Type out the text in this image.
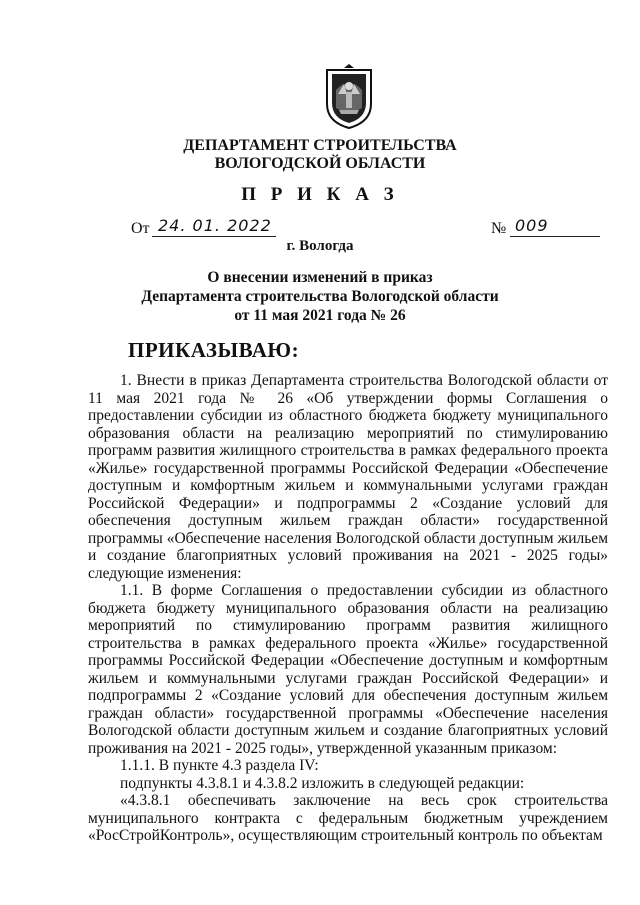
ДЕПАРТАМЕНТ СТРОИТЕЛЬСТВА
ВОЛОГОДСКОЙ ОБЛАСТИ
П Р И К А З
От 24. 01. 2022	№ 009
г. Вологда
О внесении изменений в приказ
Департамента строительства Вологодской области
от 11 мая 2021 года № 26
ПРИКАЗЫВАЮ:

1. Внести в приказ Департамента строительства Вологодской области от 11 мая 2021 года № 26 «Об утверждении формы Соглашения о предоставлении субсидии из областного бюджета бюджету муниципального образования области на реализацию мероприятий по стимулированию программ развития жилищного строительства в рамках федерального проекта «Жилье» государственной программы Российской Федерации «Обеспечение доступным и комфортным жильем и коммунальными услугами граждан Российской Федерации» и подпрограммы 2 «Создание условий для обеспечения доступным жильем граждан области» государственной программы «Обеспечение населения Вологодской области доступным жильем и создание благоприятных условий проживания на 2021 - 2025 годы» следующие изменения:

1.1. В форме Соглашения о предоставлении субсидии из областного бюджета бюджету муниципального образования области на реализацию мероприятий по стимулированию программ развития жилищного строительства в рамках федерального проекта «Жилье» государственной программы Российской Федерации «Обеспечение доступным и комфортным жильем и коммунальными услугами граждан Российской Федерации» и подпрограммы 2 «Создание условий для обеспечения доступным жильем граждан области» государственной программы «Обеспечение населения Вологодской области доступным жильем и создание благоприятных условий проживания на 2021 - 2025 годы», утвержденной указанным приказом:

1.1.1. В пункте 4.3 раздела IV:

подпункты 4.3.8.1 и 4.3.8.2 изложить в следующей редакции:

«4.3.8.1 обеспечивать заключение на весь срок строительства муниципального контракта с федеральным бюджетным учреждением «РосСтройКонтроль», осуществляющим строительный контроль по объектам
